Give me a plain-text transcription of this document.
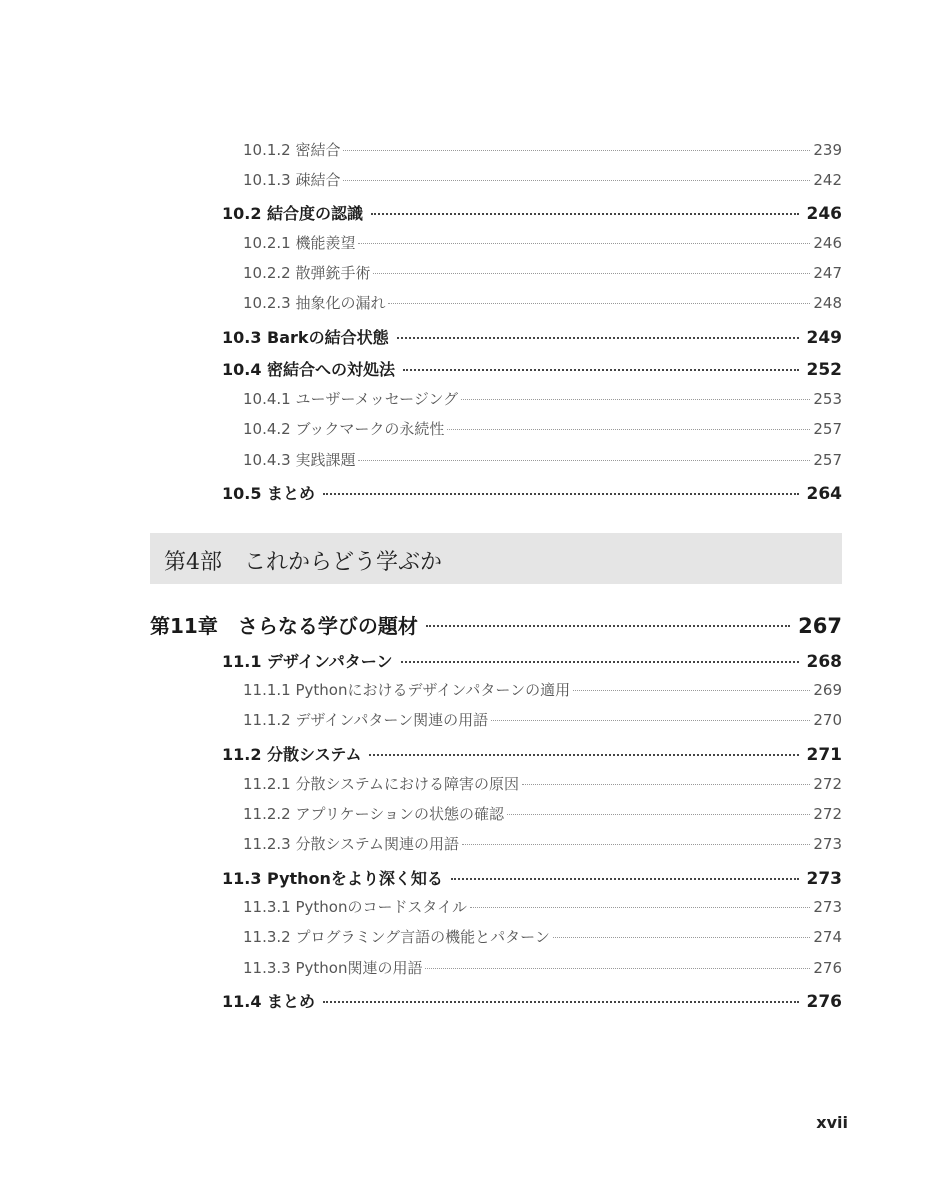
10.1.2 密結合	239
10.1.3 疎結合	242
10.2 結合度の認識	246
10.2.1 機能羨望	246
10.2.2 散弾銃手術	247
10.2.3 抽象化の漏れ	248
10.3 Barkの結合状態	249
10.4 密結合への対処法	252
10.4.1 ユーザーメッセージング	253
10.4.2 ブックマークの永続性	257
10.4.3 実践課題	257
10.5 まとめ	264
第4部　これからどう学ぶか
第11章　さらなる学びの題材	267
11.1 デザインパターン	268
11.1.1 Pythonにおけるデザインパターンの適用	269
11.1.2 デザインパターン関連の用語	270
11.2 分散システム	271
11.2.1 分散システムにおける障害の原因	272
11.2.2 アプリケーションの状態の確認	272
11.2.3 分散システム関連の用語	273
11.3 Pythonをより深く知る	273
11.3.1 Pythonのコードスタイル	273
11.3.2 プログラミング言語の機能とパターン	274
11.3.3 Python関連の用語	276
11.4 まとめ	276
xvii
